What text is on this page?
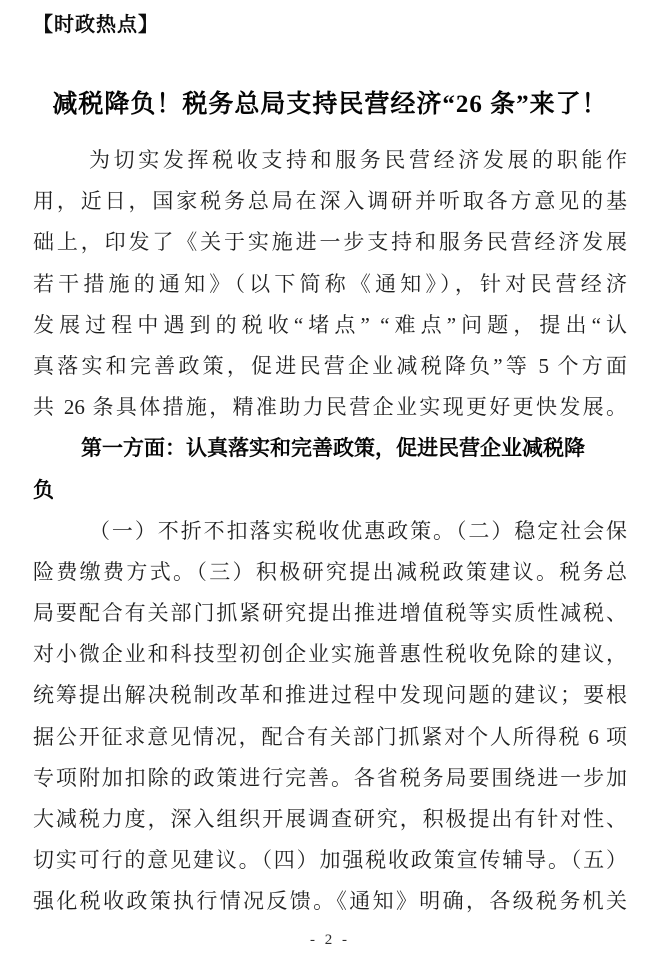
【时政热点】
减税降负！税务总局支持民营经济“26 条”来了！
为切实发挥税收支持和服务民营经济发展的职能作
用，近日，国家税务总局在深入调研并听取各方意见的基
础上，印发了《关于实施进一步支持和服务民营经济发展
若干措施的通知》（以下简称《通知》），针对民营经济
发展过程中遇到的税收“堵点” “难点”问题，提出“认
真落实和完善政策，促进民营企业减税降负”等 5 个方面
共 26 条具体措施，精准助力民营企业实现更好更快发展。
第一方面：认真落实和完善政策，促进民营企业减税降
负
（一）不折不扣落实税收优惠政策。（二）稳定社会保
险费缴费方式。（三）积极研究提出减税政策建议。税务总
局要配合有关部门抓紧研究提出推进增值税等实质性减税、
对小微企业和科技型初创企业实施普惠性税收免除的建议，
统筹提出解决税制改革和推进过程中发现问题的建议；要根
据公开征求意见情况，配合有关部门抓紧对个人所得税 6 项
专项附加扣除的政策进行完善。各省税务局要围绕进一步加
大减税力度，深入组织开展调查研究，积极提出有针对性、
切实可行的意见建议。（四）加强税收政策宣传辅导。（五）
强化税收政策执行情况反馈。《通知》明确，各级税务机关
- 2 -
